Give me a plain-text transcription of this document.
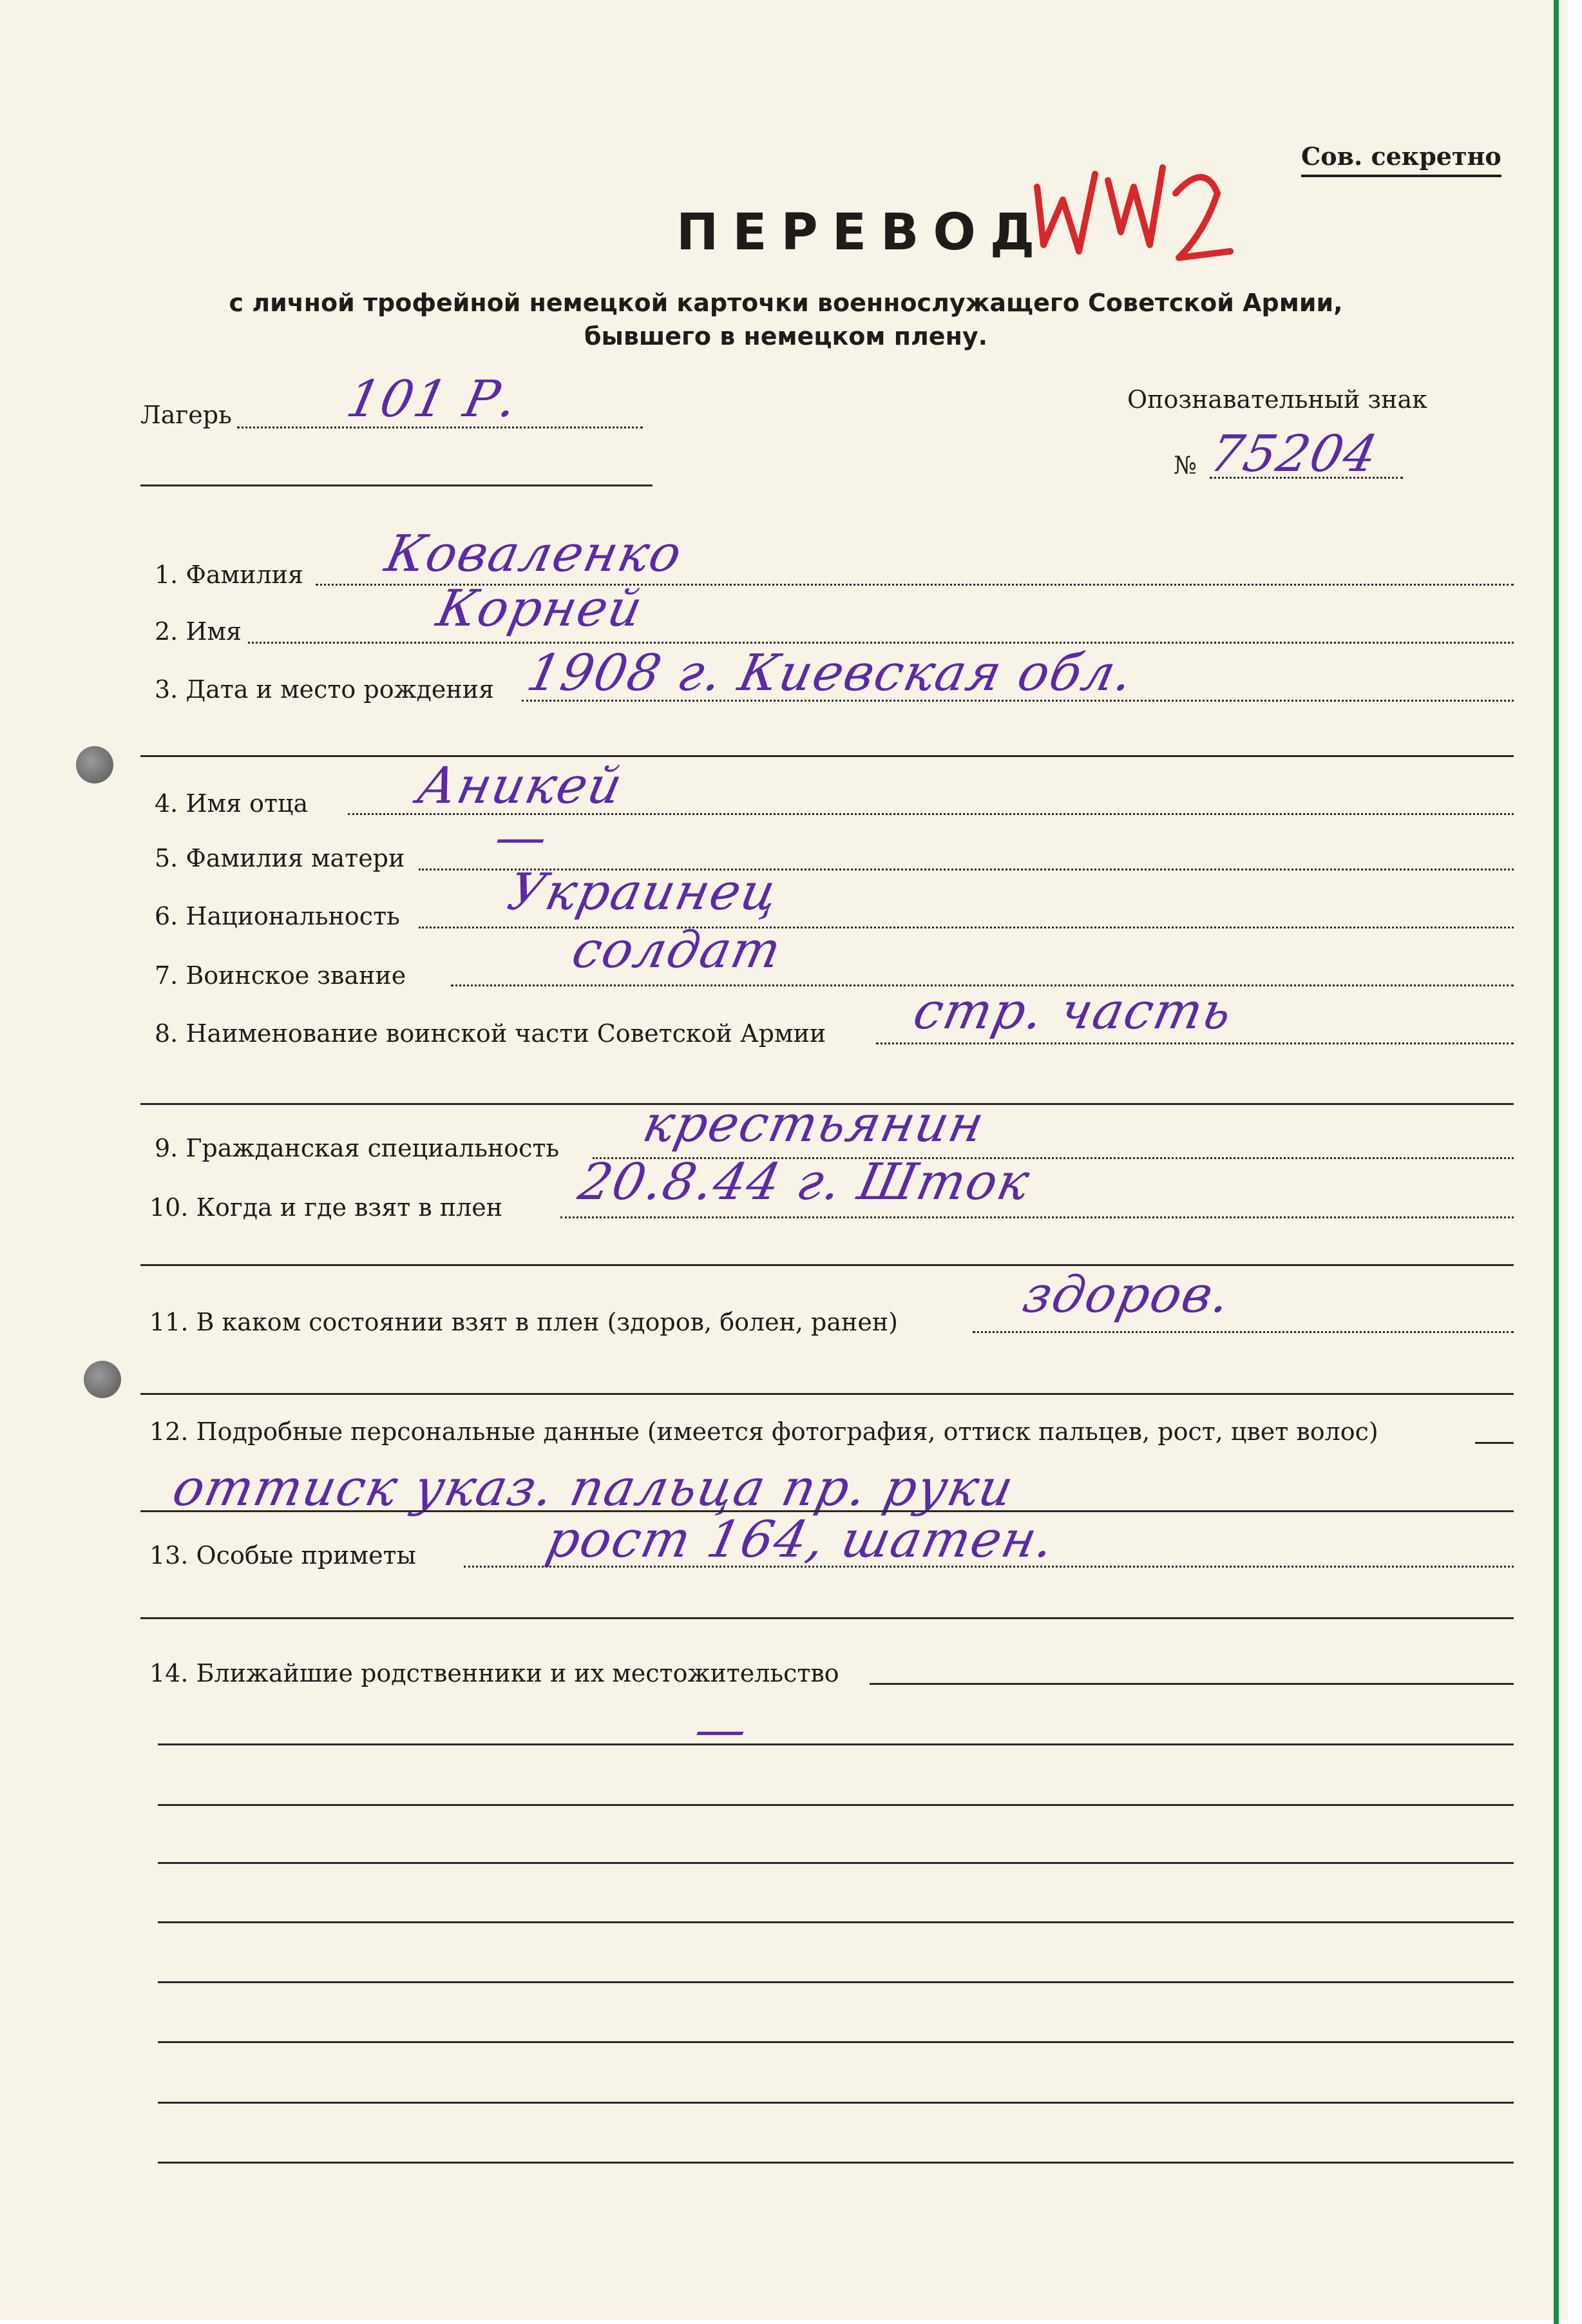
Сов. секретно
ПЕРЕВОД
с личной трофейной немецкой карточки военнослужащего Советской Армии,
бывшего в немецком плену.
Лагерь 101 Р.	Опознавательный знак
№ 75204
1. Фамилия Коваленко
2. Имя	Корней
3. Дата и место рождения 1908 г. Киевская обл.
4. Имя отца Аникей
5. Фамилия матери —
6. Национальность Украинец
7. Воинское звание	солдат
8. Наименование воинской части Советской Армии стр. часть
9. Гражданская специальность крестьянин
10. Когда и где взят в плен 20.8.44 г. Шток
11. В каком состоянии взят в плен (здоров, болен, ранен) здоров.
12. Подробные персональные данные (имеется фотография, оттиск пальцев, рост, цвет волос)
оттиск указ. пальца пр. руки
13. Особые приметы рост 164, шатен.
14. Ближайшие родственники и их местожительство
—
